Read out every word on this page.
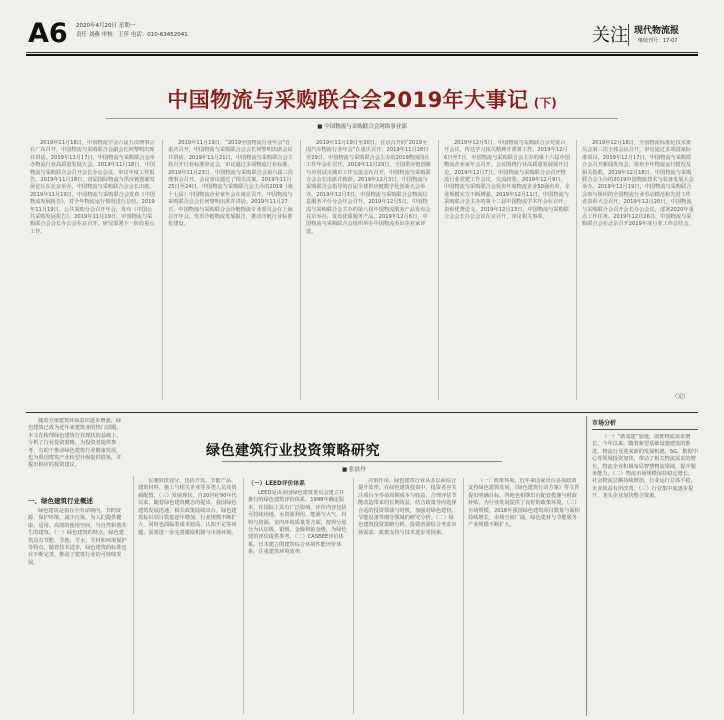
A6 2020年4月20日 星期一
责任 刘燕 审核：王萍 电话：010-63452041	关注 现代物流报
继续刊号：17-07
中国物流与采购联合会2019年大事记 (下)
■ 中国物流与采购联合会网络事业部

2019年11月16日，中国物流学会六届五次理事会在广东召开。中国物流与采购联合会副会长何黎明出席并讲话。2019年11月17日，中国物流与采购联合会举办物流行业高质量发展大会。2019年11月18日，中国物流与采购联合会召开会长办公会议，审议年度工作报告。2019年11月18日，首届国际物流与供应链创新发展论坛在北京举办，中国物流与采购联合会会长出席。2019年11月19日，中国物流与采购联合会发布《中国物流发展报告》，对全年物流运行情况进行总结。2019年11月19日，公共采购分会召开年会，发布《中国公共采购发展报告》。2019年11月19日，中国物流与采购联合会会长办公会在京召开，研究部署下一阶段重点工作。

2019年11月19日，“2019全国物流行业年会”在重庆召开，中国物流与采购联合会会长何黎明出席会议并讲话。2019年11月21日，中国物流与采购联合会主持召开行业标准审定会，审议通过多项物流行业标准。2019年11月23日，中国物流与采购联合会第六届三次理事会召开，会议审议通过了相关议案。2019年11月25日至24日，中国物流与采购联合会主办的2019（第十七届）中国物流企业家年会在南京召开，中国物流与采购联合会会长何黎明出席并讲话。2019年11月27日，中国物流与采购联合会冷链物流专业委员会在上海召开年会，发布冷链物流发展报告，推动冷链行业标准化建设。

2019年11月19日至30日，在京召开的“2019全国汽车物流行业年会”在重庆召开。2019年11月28日至29日，中国物流与采购联合会主办的2019物流园区工作年会在召开。2019年11月29日，全国供应链创新与应用试点城市工作交流会在召开，中国物流与采购联合会会长出席并致辞。2019年12月3日，中国物流与采购联合会指导的首届全球供应链数字化创新大会举办。2019年12月3日，中国物流与采购联合会物流信息服务平台分会年会召开。2019年12月5日，中国物流与采购联合会主办的第八届中国物流服务产品发布会在京举办，发布优质服务产品。2019年12月6日，中国物流与采购联合会组织举办中国物流杰出企业家评选。

2019年12月5日，中国物流与采购联合会党委召开会议，传达学习相关精神并部署工作。2019年12月6日至7日，中国物流与采购联合会主办的第十六届中国物流企业家年会召开，会议围绕行业高质量发展展开讨论。2019年12月7日，中国物流与采购联合会召开物流行业党建工作会议，交流经验。2019年12月9日，中国物流与采购联合会发布年度物流企业50强名单，企业规模实力不断增强。2019年12月11日，中国物流与采购联合会主办的第十二届中国物流学术年会在召开，表彰优秀论文。2019年12月13日，中国物流与采购联合会会长办公会议在京召开，审议相关事项。

2019年12月16日，全国物流标准化技术委员会第三次全体会议召开，审议通过多项国家标准项目。2019年12月17日，中国物流与采购联合会召开新闻发布会，发布全年物流运行情况及相关指数。2019年12月18日，中国物流与采购联合会主办的2019中国物流技术与装备发展大会举办。2019年12月19日，中国物流与采购联合会参与组织的全国物流行业劳动模范和先进工作者表彰大会召开。2019年12月20日，中国物流与采购联合会召开会长办公会议，部署2020年重点工作任务。2019年12月26日，中国物流与采购联合会在北京召开2019年度行业工作总结会。

（完）

随着全球建筑环保意识逐步增强，绿色建筑已成为近年来建筑业的热门话题。本文在梳理绿色建筑行业现状的基础上，分析了行业投资策略，为投资者提供参考，有助于推动绿色建筑行业健康发展，也为我国建筑产业转型升级提供借鉴，并提出相应的投资建议。

绿色建筑行业投资策略研究
■ 张晨丹
一、绿色建筑行业概述

绿色建筑是指在全寿命期内，节约资源、保护环境、减少污染，为人们提供健康、适用、高效的使用空间，与自然和谐共生的建筑。（一）绿色建筑的特点。绿色建筑具有节能、节地、节水、节材和环境保护等特点，随着技术进步，绿色建筑的标准也在不断完善，推动了建筑行业的可持续发展。

实施阶段划分，包括开发、节能产品、建筑材料、施工与相关企业等多类人员及资源配置。（三）发展现状。自20世纪90年代以来，随着绿色建筑概念的提出，我国绿色建筑发展迅速，相关政策陆续出台，绿色建筑标识项目数量逐年增加，行业规模不断扩大，同时也面临着成本较高、认知不足等问题，需要进一步完善激励机制与市场环境。

（一）LEED评价体系

LEED是由美国绿色建筑委员会建立并推行的绿色建筑评价体系，1998年确定版本，在国际上具有广泛影响，评价内容包括可持续场地、水资源利用、能源与大气、材料与资源、室内环境质量等方面，按得分划分为认证级、银级、金级和铂金级，为绿色建筑评价提供参考。（二）CASBEE评价体系。日本建立的建筑综合环境性能评价体系，注重建筑环境效率。

决策作用，绿色建筑行业从多层面综合提升效率。在绿色建筑投资中，投资者应关注项目全寿命周期成本与收益，合理评估节能改造带来的长期效益，结合政策导向选择合适的投资领域与时机，加强对绿色建材、节能设备等细分领域的研究分析。（二）绿色建筑投资策略分析。投资者需综合考虑市场需求、政策支持与技术进步等因素。

（一）政策环境。近年来国家出台多项政策支持绿色建筑发展，《绿色建筑行动方案》等文件提出明确目标，各地也相继出台配套措施与财政补贴，为行业发展提供了良好的政策环境。（二）市场规模。2016年我国绿色建筑项目数量与面积持续增长，市场空间广阔，绿色建材与节能服务产业规模不断扩大。

市场分析

（一）“新基建”加速，助推物流需求增长。今年以来，随着新型基础设施建设的推进，物流行业迎来新的发展机遇，5G、数据中心等领域投资加快，带动了相关物流需求的增长，物流企业积极布局智慧物流领域，提升服务能力。（二）物流市场规模保持稳定增长，社会物流总额持续增加，行业运行总体平稳，企业效益有所改善。（三）行业集中度逐步提升，龙头企业加快整合资源。
